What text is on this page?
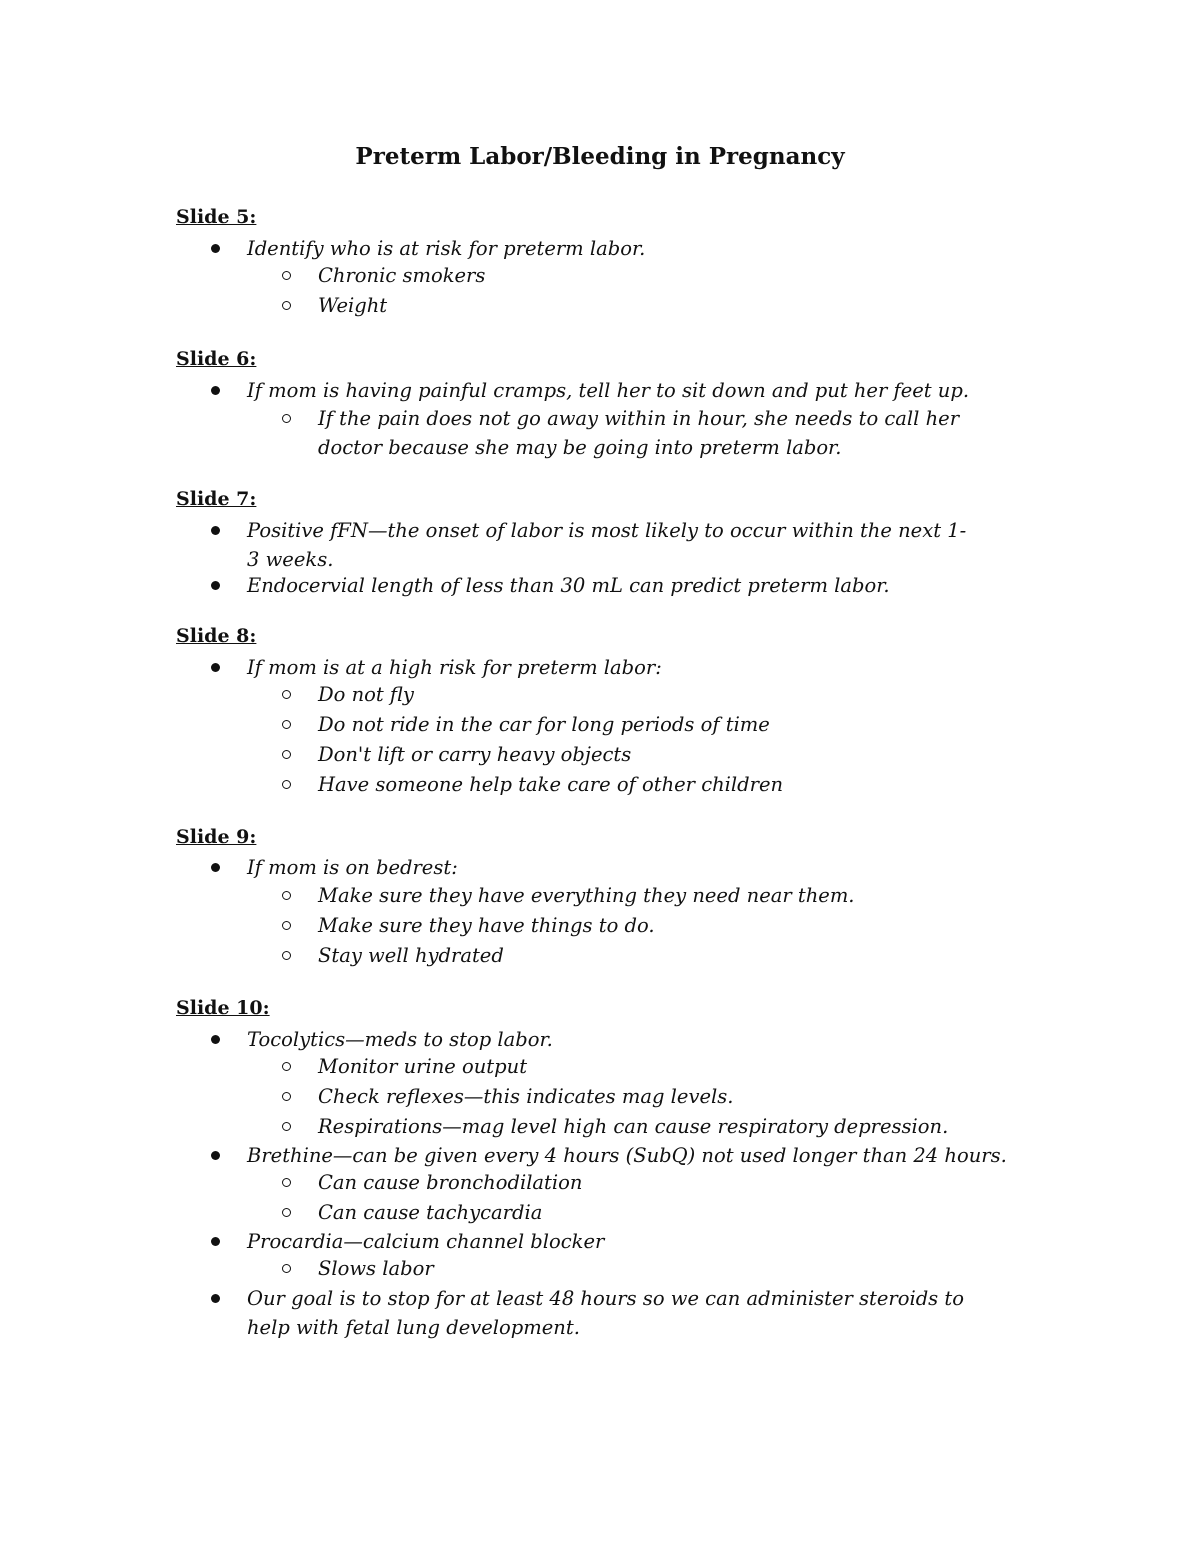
Preterm Labor/Bleeding in Pregnancy
Slide 5:
Identify who is at risk for preterm labor.
Chronic smokers
Weight
Slide 6:
If mom is having painful cramps, tell her to sit down and put her feet up.
If the pain does not go away within in hour, she needs to call her doctor because she may be going into preterm labor.
Slide 7:
Positive fFN—the onset of labor is most likely to occur within the next 1-3 weeks.
Endocervial length of less than 30 mL can predict preterm labor.
Slide 8:
If mom is at a high risk for preterm labor:
Do not fly
Do not ride in the car for long periods of time
Don't lift or carry heavy objects
Have someone help take care of other children
Slide 9:
If mom is on bedrest:
Make sure they have everything they need near them.
Make sure they have things to do.
Stay well hydrated
Slide 10:
Tocolytics—meds to stop labor.
Monitor urine output
Check reflexes—this indicates mag levels.
Respirations—mag level high can cause respiratory depression.
Brethine—can be given every 4 hours (SubQ) not used longer than 24 hours.
Can cause bronchodilation
Can cause tachycardia
Procardia—calcium channel blocker
Slows labor
Our goal is to stop for at least 48 hours so we can administer steroids to help with fetal lung development.
